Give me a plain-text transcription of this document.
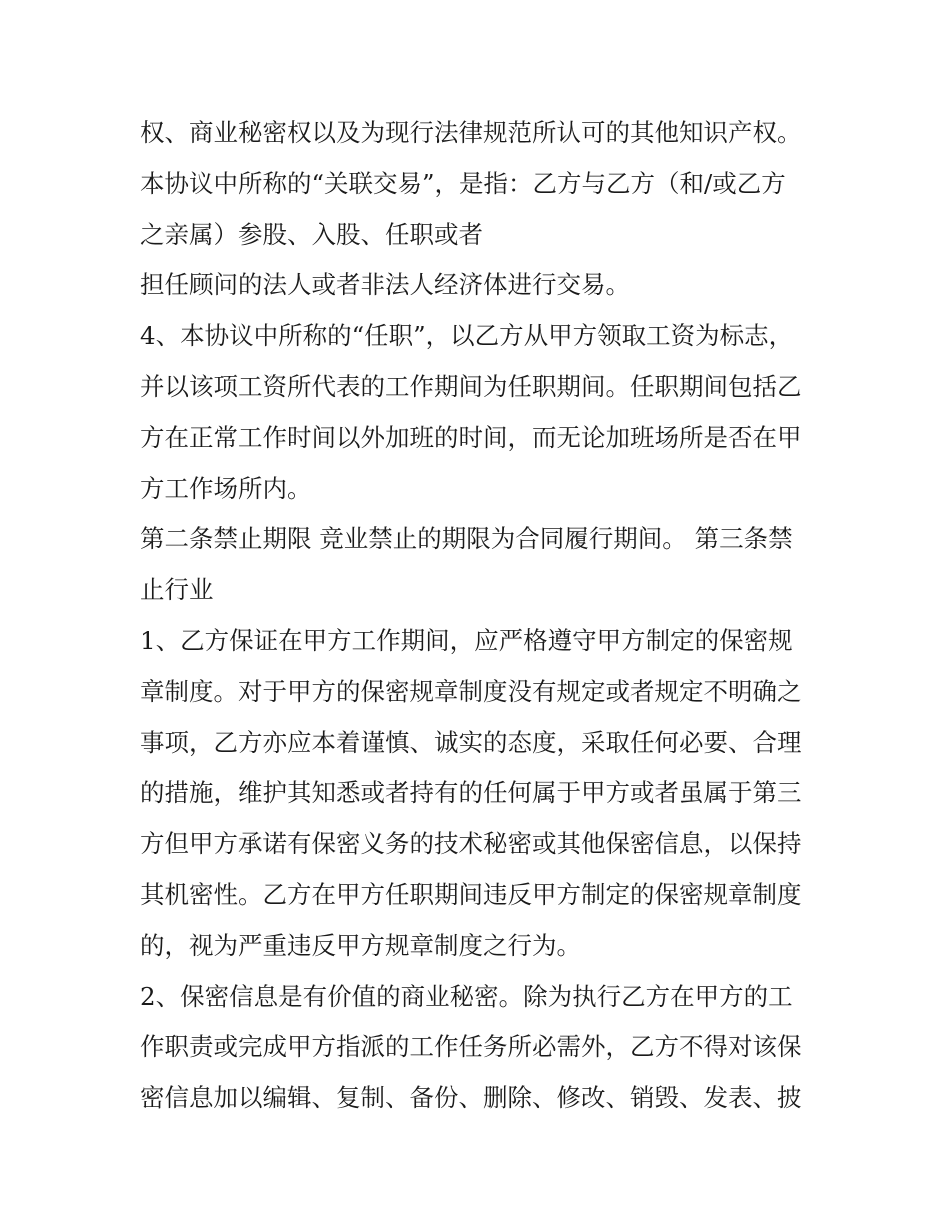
权、商业秘密权以及为现行法律规范所认可的其他知识产权。
本协议中所称的“关联交易”，是指：乙方与乙方（和/或乙方
之亲属）参股、入股、任职或者
担任顾问的法人或者非法人经济体进行交易。
4、本协议中所称的“任职”，以乙方从甲方领取工资为标志，
并以该项工资所代表的工作期间为任职期间。任职期间包括乙
方在正常工作时间以外加班的时间，而无论加班场所是否在甲
方工作场所内。
第二条禁止期限 竞业禁止的期限为合同履行期间。 第三条禁
止行业
1、乙方保证在甲方工作期间，应严格遵守甲方制定的保密规
章制度。对于甲方的保密规章制度没有规定或者规定不明确之
事项，乙方亦应本着谨慎、诚实的态度，采取任何必要、合理
的措施，维护其知悉或者持有的任何属于甲方或者虽属于第三
方但甲方承诺有保密义务的技术秘密或其他保密信息，以保持
其机密性。乙方在甲方任职期间违反甲方制定的保密规章制度
的，视为严重违反甲方规章制度之行为。
2、保密信息是有价值的商业秘密。除为执行乙方在甲方的工
作职责或完成甲方指派的工作任务所必需外，乙方不得对该保
密信息加以编辑、复制、备份、删除、修改、销毁、发表、披
